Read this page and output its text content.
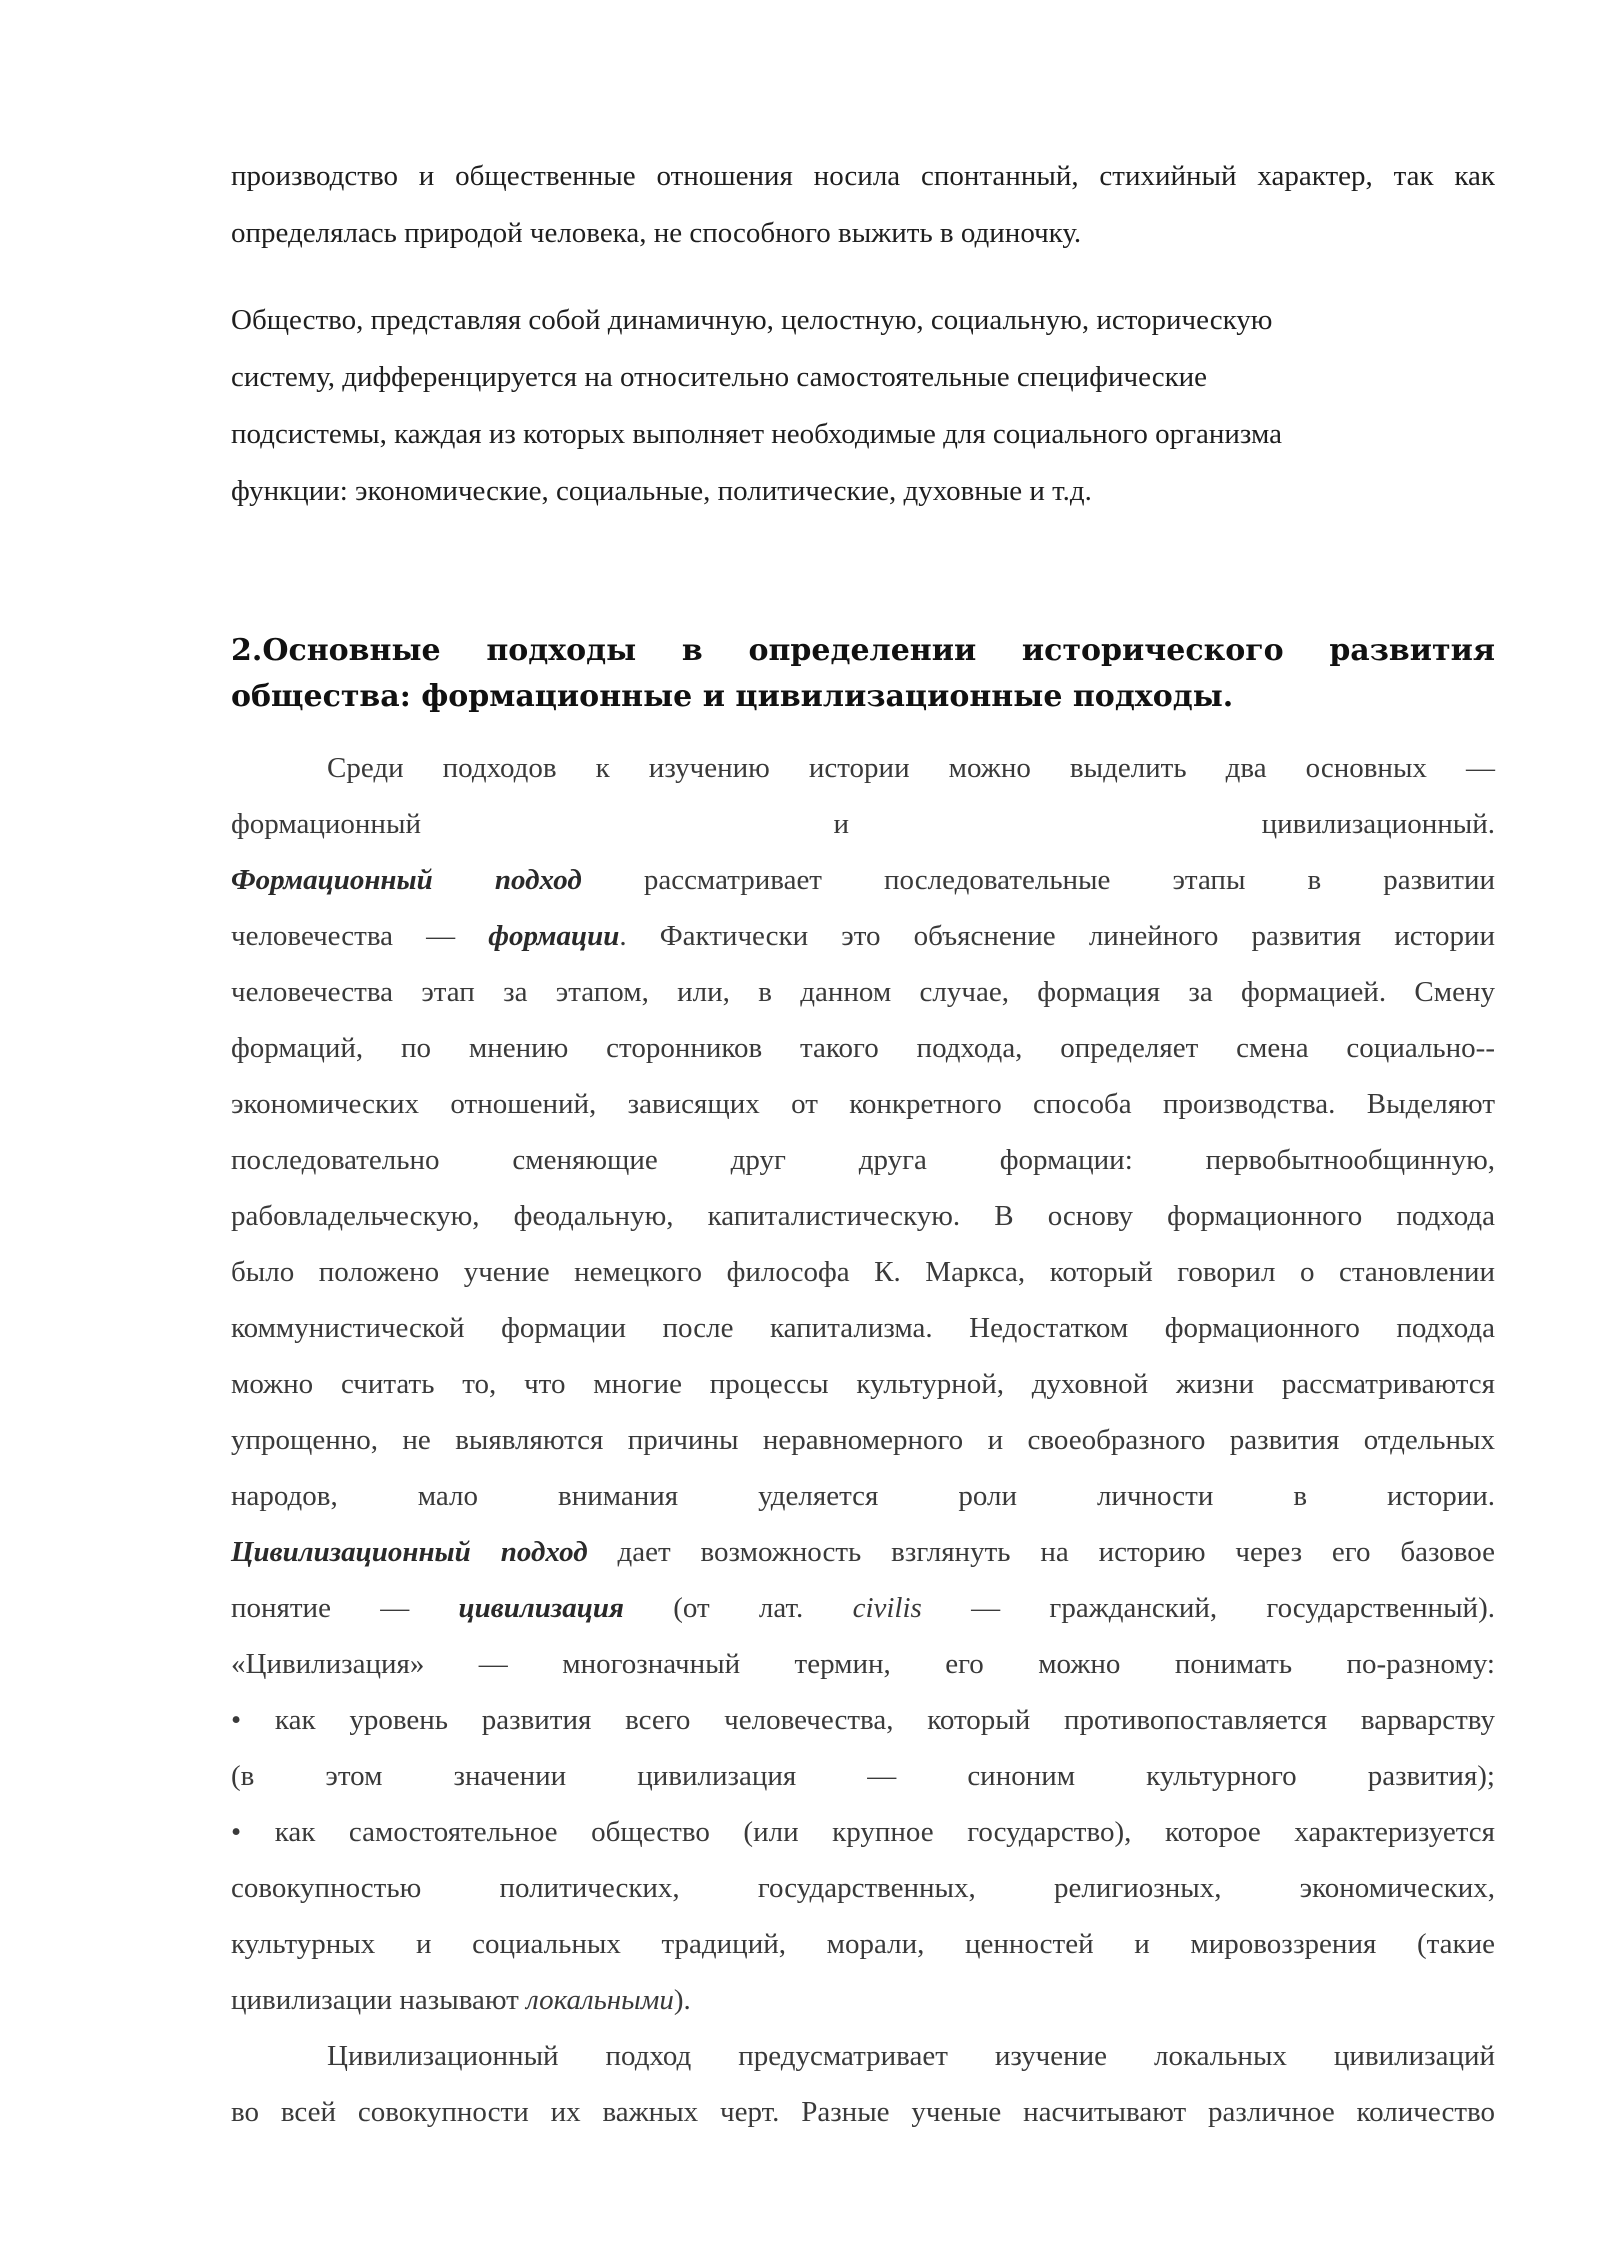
производство и общественные отношения носила спонтанный, стихийный характер, так как определялась природой человека, не способного выжить в одиночку.

Общество, представляя собой динамичную, целостную, социальную, историческую
систему, дифференцируется на относительно самостоятельные специфические
подсистемы, каждая из которых выполняет необходимые для социального организма
функции: экономические, социальные, политические, духовные и т.д.

2.Основные подходы в определении исторического развития общества: формационные и цивилизационные подходы.
Среди подходов к изучению истории можно выделить два основных —
формационный и цивилизационный.
Формационный подход рассматривает последовательные этапы в развитии
человечества — формации. Фактически это объяснение линейного развития истории
человечества этап за этапом, или, в данном случае, формация за формацией. Смену
формаций, по мнению сторонников такого подхода, определяет смена социально--
экономических отношений, зависящих от конкретного способа производства. Выделяют
последовательно сменяющие друг друга формации: первобытнообщинную,
рабовладельческую, феодальную, капиталистическую. В основу формационного подхода
было положено учение немецкого философа К. Маркса, который говорил о становлении
коммунистической формации после капитализма. Недостатком формационного подхода
можно считать то, что многие процессы культурной, духовной жизни рассматриваются
упрощенно, не выявляются причины неравномерного и своеобразного развития отдельных
народов, мало внимания уделяется роли личности в истории.
Цивилизационный подход дает возможность взглянуть на историю через его базовое
понятие — цивилизация (от лат. civilis — гражданский, государственный).
«Цивилизация» — многозначный термин, его можно понимать по-разному:
• как уровень развития всего человечества, который противопоставляется варварству
(в этом значении цивилизация — синоним культурного развития);
• как самостоятельное общество (или крупное государство), которое характеризуется
совокупностью политических, государственных, религиозных, экономических,
культурных и социальных традиций, морали, ценностей и мировоззрения (такие
цивилизации называют локальными).
Цивилизационный подход предусматривает изучение локальных цивилизаций
во всей совокупности их важных черт. Разные ученые насчитывают различное количество
